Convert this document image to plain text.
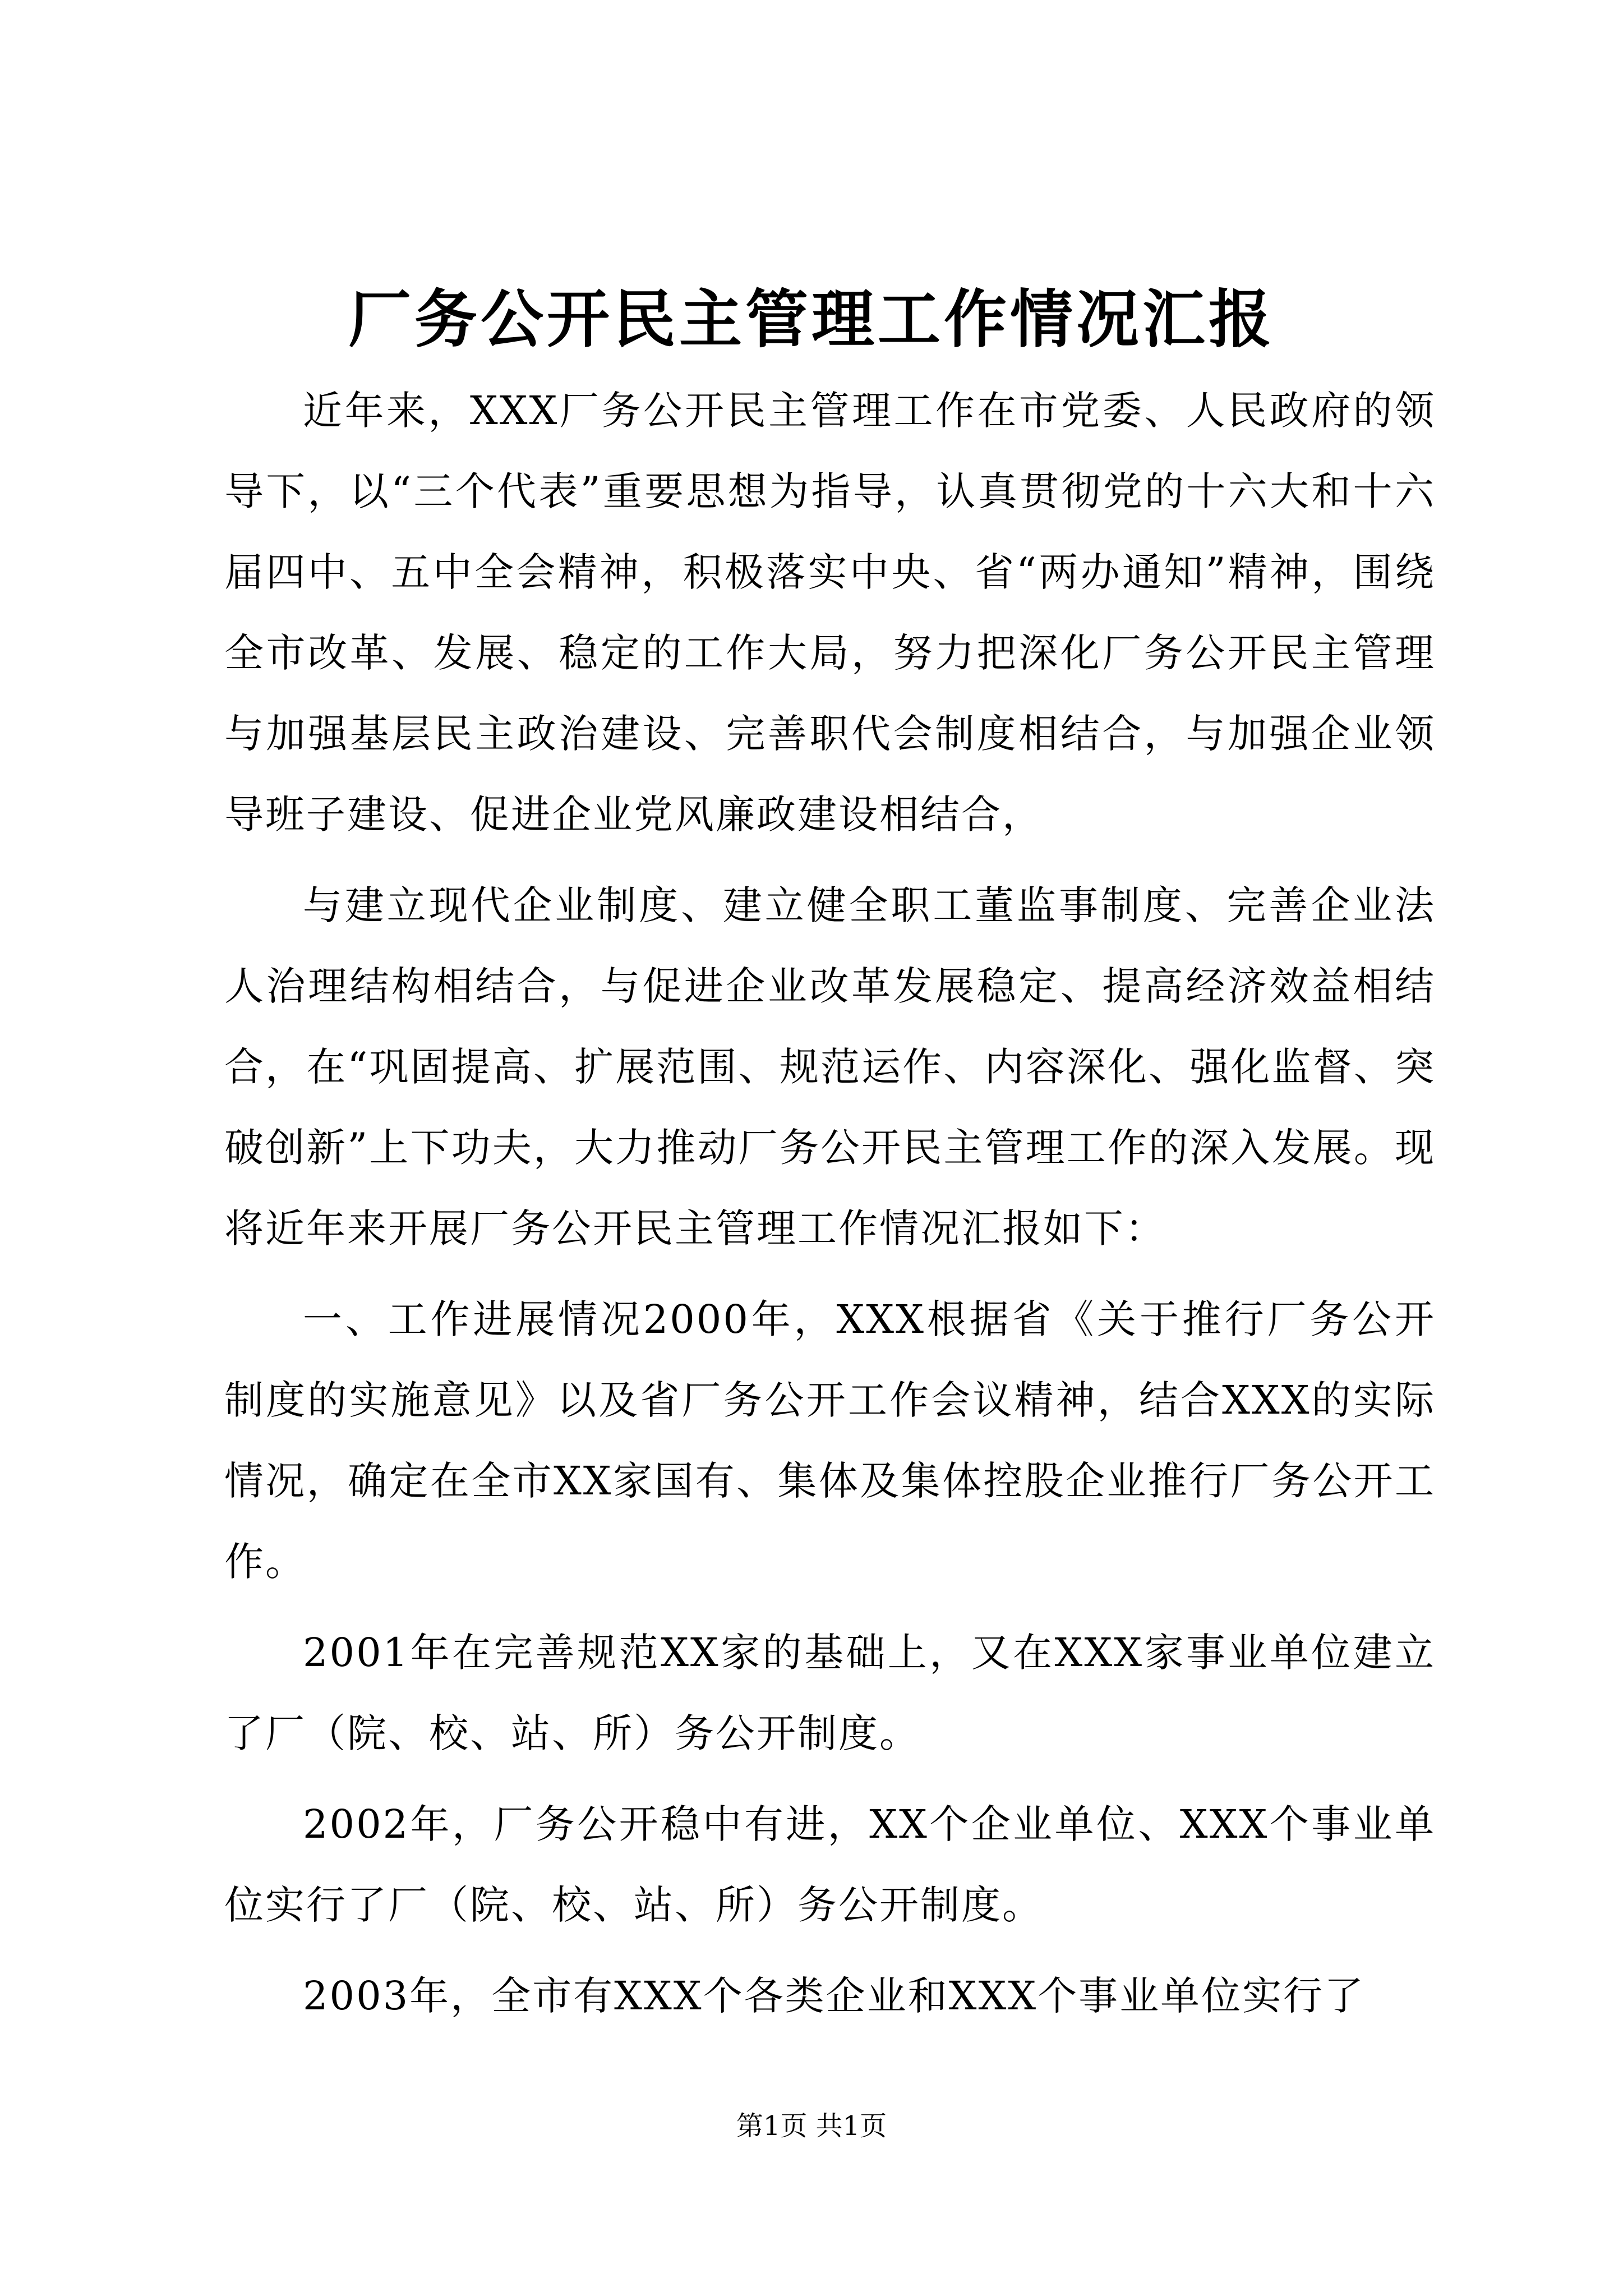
厂务公开民主管理工作情况汇报

近年来，XXX厂务公开民主管理工作在市党委、人民政府的领导下，以“三个代表”重要思想为指导，认真贯彻党的十六大和十六届四中、五中全会精神，积极落实中央、省“两办通知”精神，围绕全市改革、发展、稳定的工作大局，努力把深化厂务公开民主管理与加强基层民主政治建设、完善职代会制度相结合，与加强企业领导班子建设、促进企业党风廉政建设相结合，

与建立现代企业制度、建立健全职工董监事制度、完善企业法人治理结构相结合，与促进企业改革发展稳定、提高经济效益相结合，在“巩固提高、扩展范围、规范运作、内容深化、强化监督、突破创新”上下功夫，大力推动厂务公开民主管理工作的深入发展。现将近年来开展厂务公开民主管理工作情况汇报如下：

一、工作进展情况2000年，XXX根据省《关于推行厂务公开制度的实施意见》以及省厂务公开工作会议精神，结合XXX的实际情况，确定在全市XX家国有、集体及集体控股企业推行厂务公开工作。

2001年在完善规范XX家的基础上，又在XXX家事业单位建立了厂（院、校、站、所）务公开制度。

2002年，厂务公开稳中有进，XX个企业单位、XXX个事业单位实行了厂（院、校、站、所）务公开制度。

2003年，全市有XXX个各类企业和XXX个事业单位实行了

第1页 共1页
